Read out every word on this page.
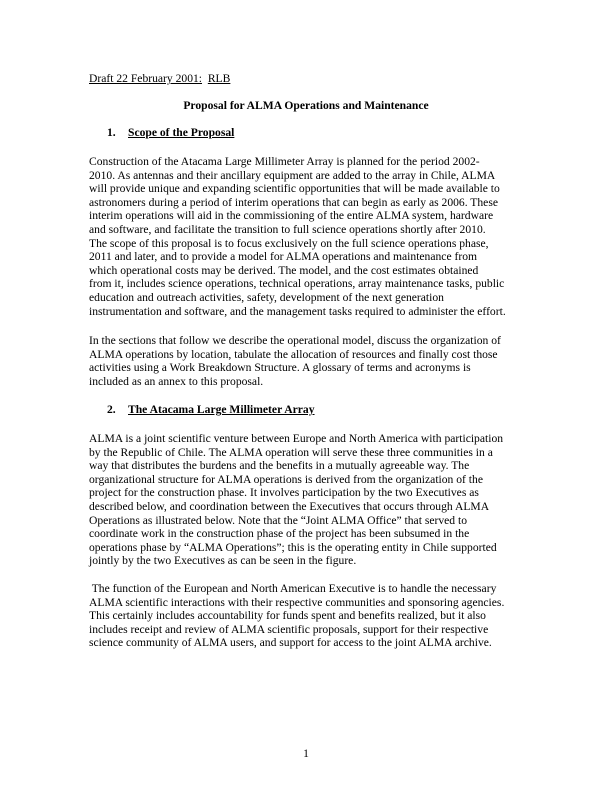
Draft 22 February 2001: RLB
Proposal for ALMA Operations and Maintenance
1. Scope of the Proposal
Construction of the Atacama Large Millimeter Array is planned for the period 2002-
2010. As antennas and their ancillary equipment are added to the array in Chile, ALMA
will provide unique and expanding scientific opportunities that will be made available to
astronomers during a period of interim operations that can begin as early as 2006. These
interim operations will aid in the commissioning of the entire ALMA system, hardware
and software, and facilitate the transition to full science operations shortly after 2010.
The scope of this proposal is to focus exclusively on the full science operations phase,
2011 and later, and to provide a model for ALMA operations and maintenance from
which operational costs may be derived. The model, and the cost estimates obtained
from it, includes science operations, technical operations, array maintenance tasks, public
education and outreach activities, safety, development of the next generation
instrumentation and software, and the management tasks required to administer the effort.
In the sections that follow we describe the operational model, discuss the organization of
ALMA operations by location, tabulate the allocation of resources and finally cost those
activities using a Work Breakdown Structure. A glossary of terms and acronyms is
included as an annex to this proposal.
2. The Atacama Large Millimeter Array
ALMA is a joint scientific venture between Europe and North America with participation
by the Republic of Chile. The ALMA operation will serve these three communities in a
way that distributes the burdens and the benefits in a mutually agreeable way. The
organizational structure for ALMA operations is derived from the organization of the
project for the construction phase. It involves participation by the two Executives as
described below, and coordination between the Executives that occurs through ALMA
Operations as illustrated below. Note that the “Joint ALMA Office” that served to
coordinate work in the construction phase of the project has been subsumed in the
operations phase by “ALMA Operations”; this is the operating entity in Chile supported
jointly by the two Executives as can be seen in the figure.
The function of the European and North American Executive is to handle the necessary
ALMA scientific interactions with their respective communities and sponsoring agencies.
This certainly includes accountability for funds spent and benefits realized, but it also
includes receipt and review of ALMA scientific proposals, support for their respective
science community of ALMA users, and support for access to the joint ALMA archive.
1
